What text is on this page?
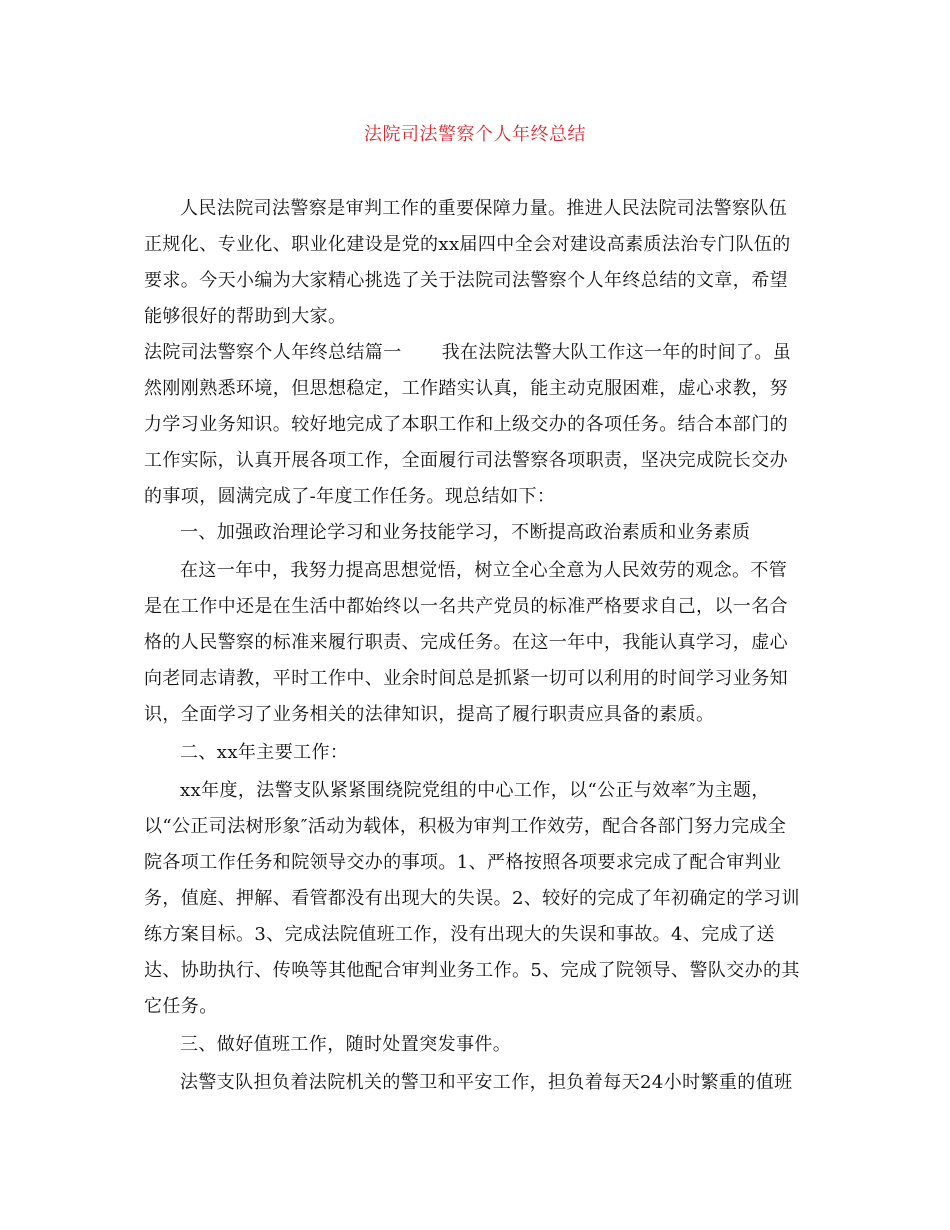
法院司法警察个人年终总结
人民法院司法警察是审判工作的重要保障力量。推进人民法院司法警察队伍
正规化、专业化、职业化建设是党的xx届四中全会对建设高素质法治专门队伍的
要求。今天小编为大家精心挑选了关于法院司法警察个人年终总结的文章，希望
能够很好的帮助到大家。
法院司法警察个人年终总结篇一 我在法院法警大队工作这一年的时间了。虽
然刚刚熟悉环境，但思想稳定，工作踏实认真，能主动克服困难，虚心求教，努
力学习业务知识。较好地完成了本职工作和上级交办的各项任务。结合本部门的
工作实际，认真开展各项工作，全面履行司法警察各项职责，坚决完成院长交办
的事项，圆满完成了-年度工作任务。现总结如下：
一、加强政治理论学习和业务技能学习，不断提高政治素质和业务素质
在这一年中，我努力提高思想觉悟，树立全心全意为人民效劳的观念。不管
是在工作中还是在生活中都始终以一名共产党员的标准严格要求自己，以一名合
格的人民警察的标准来履行职责、完成任务。在这一年中，我能认真学习，虚心
向老同志请教，平时工作中、业余时间总是抓紧一切可以利用的时间学习业务知
识，全面学习了业务相关的法律知识，提高了履行职责应具备的素质。
二、xx年主要工作：
xx年度，法警支队紧紧围绕院党组的中心工作，以“公正与效率″为主题，
以“公正司法树形象″活动为载体，积极为审判工作效劳，配合各部门努力完成全
院各项工作任务和院领导交办的事项。1、严格按照各项要求完成了配合审判业
务，值庭、押解、看管都没有出现大的失误。2、较好的完成了年初确定的学习训
练方案目标。3、完成法院值班工作，没有出现大的失误和事故。4、完成了送
达、协助执行、传唤等其他配合审判业务工作。5、完成了院领导、警队交办的其
它任务。
三、做好值班工作，随时处置突发事件。
法警支队担负着法院机关的警卫和平安工作，担负着每天24小时繁重的值班
